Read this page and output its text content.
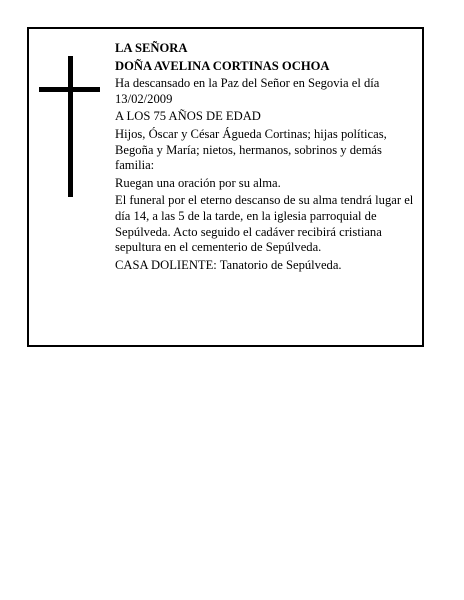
LA SEÑORA

DOÑA AVELINA CORTINAS OCHOA

Ha descansado en la Paz del Señor en Segovia el día 13/02/2009

A LOS 75 AÑOS DE EDAD

Hijos, Óscar y César Águeda Cortinas; hijas políticas, Begoña y María; nietos, hermanos, sobrinos y demás familia:

Ruegan una oración por su alma.

El funeral por el eterno descanso de su alma tendrá lugar el día 14, a las 5 de la tarde, en la iglesia parroquial de Sepúlveda. Acto seguido el cadáver recibirá cristiana sepultura en el cementerio de Sepúlveda.

CASA DOLIENTE: Tanatorio de Sepúlveda.
